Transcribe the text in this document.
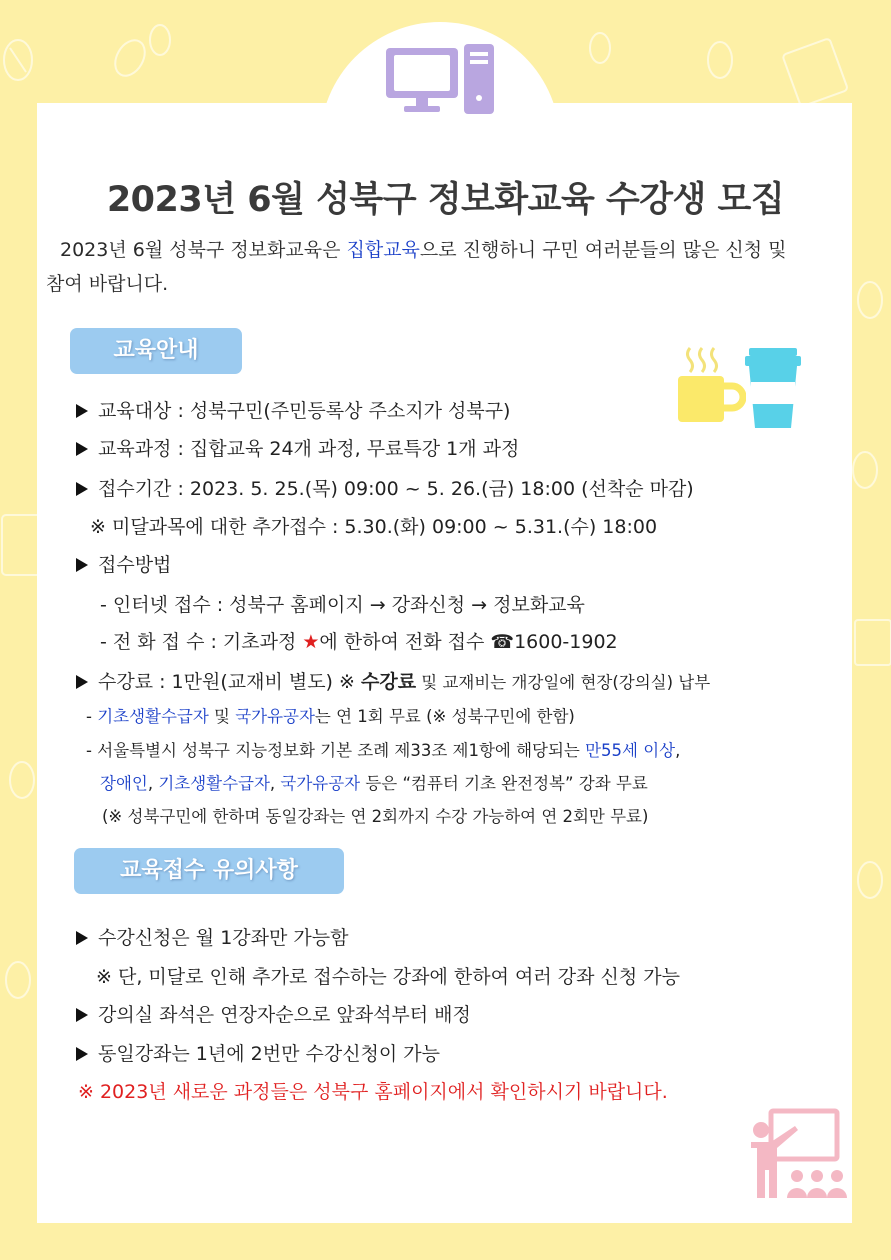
2023년 6월 성북구 정보화교육 수강생 모집
2023년 6월 성북구 정보화교육은 집합교육으로 진행하니 구민 여러분들의 많은 신청 및
참여 바랍니다.
교육안내
교육대상 : 성북구민(주민등록상 주소지가 성북구)
교육과정 : 집합교육 24개 과정, 무료특강 1개 과정
접수기간 : 2023. 5. 25.(목) 09:00 ~ 5. 26.(금) 18:00 (선착순 마감)
※ 미달과목에 대한 추가접수 : 5.30.(화) 09:00 ~ 5.31.(수) 18:00
접수방법
- 인터넷 접수 : 성북구 홈페이지 → 강좌신청 → 정보화교육
- 전 화 접 수 : 기초과정 ★에 한하여 전화 접수 ☎1600-1902
수강료 : 1만원(교재비 별도) ※ 수강료 및 교재비는 개강일에 현장(강의실) 납부
- 기초생활수급자 및 국가유공자는 연 1회 무료 (※ 성북구민에 한함)
- 서울특별시 성북구 지능정보화 기본 조례 제33조 제1항에 해당되는 만55세 이상,
장애인, 기초생활수급자, 국가유공자 등은 “컴퓨터 기초 완전정복” 강좌 무료
(※ 성북구민에 한하며 동일강좌는 연 2회까지 수강 가능하여 연 2회만 무료)
교육접수 유의사항
수강신청은 월 1강좌만 가능함
※ 단, 미달로 인해 추가로 접수하는 강좌에 한하여 여러 강좌 신청 가능
강의실 좌석은 연장자순으로 앞좌석부터 배정
동일강좌는 1년에 2번만 수강신청이 가능
※ 2023년 새로운 과정들은 성북구 홈페이지에서 확인하시기 바랍니다.
